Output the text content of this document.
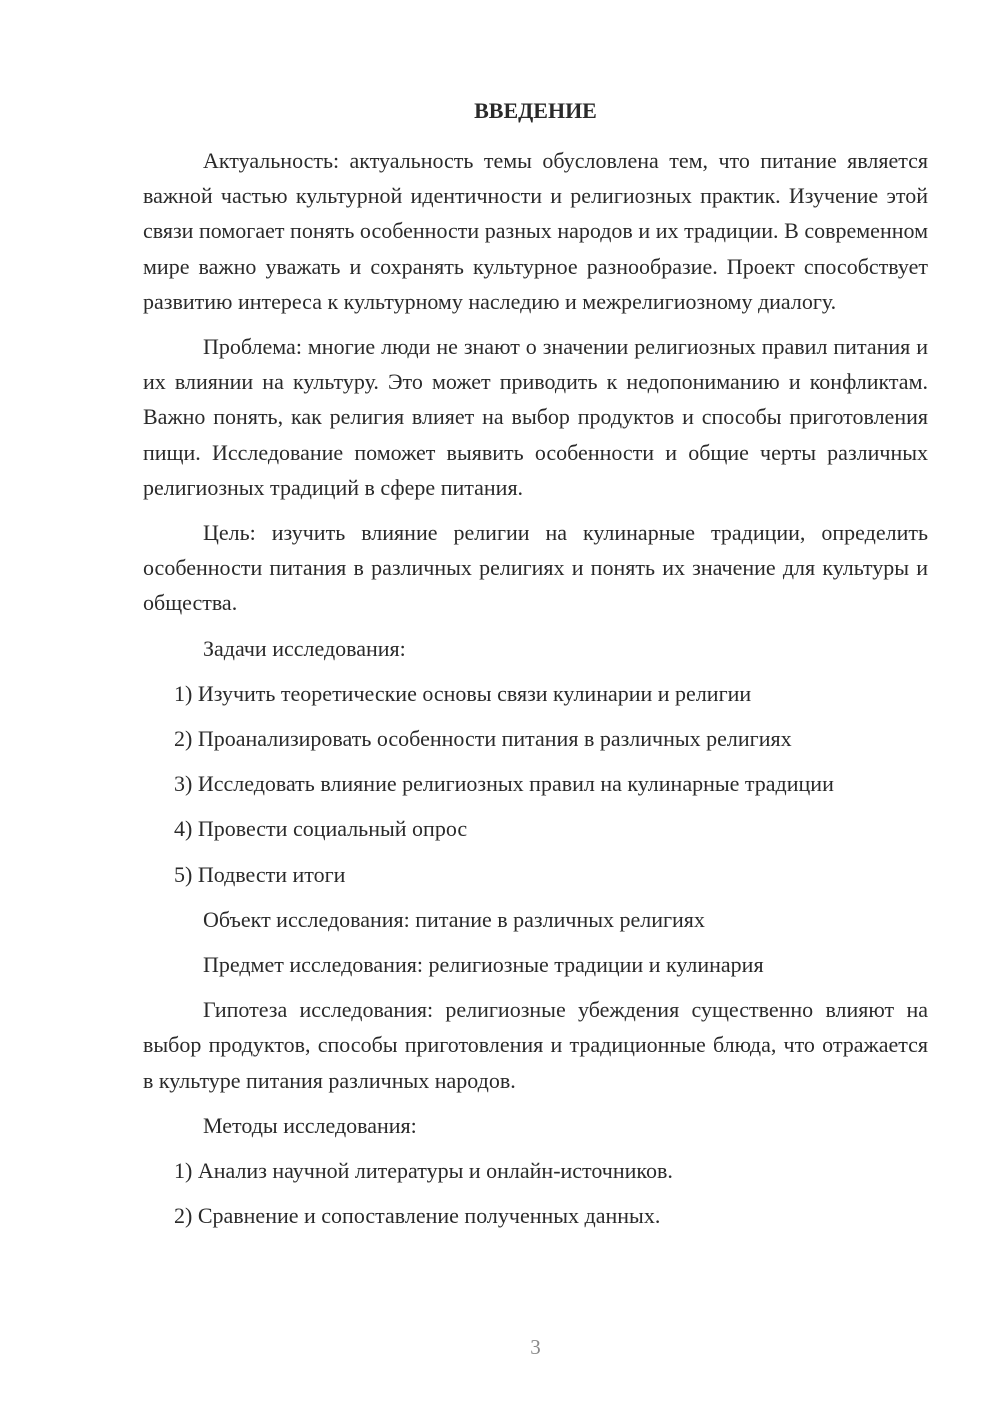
ВВЕДЕНИЕ

Актуальность: актуальность темы обусловлена тем, что питание является важной частью культурной идентичности и религиозных практик. Изучение этой связи помогает понять особенности разных народов и их традиции. В современном мире важно уважать и сохранять культурное разнообразие. Проект способствует развитию интереса к культурному наследию и межрелигиозному диалогу.

Проблема: многие люди не знают о значении религиозных правил питания и их влиянии на культуру. Это может приводить к недопониманию и конфликтам. Важно понять, как религия влияет на выбор продуктов и способы приготовления пищи. Исследование поможет выявить особенности и общие черты различных религиозных традиций в сфере питания.

Цель: изучить влияние религии на кулинарные традиции, определить особенности питания в различных религиях и понять их значение для культуры и общества.

Задачи исследования:

1) Изучить теоретические основы связи кулинарии и религии

2) Проанализировать особенности питания в различных религиях

3) Исследовать влияние религиозных правил на кулинарные традиции

4) Провести социальный опрос

5) Подвести итоги

Объект исследования: питание в различных религиях

Предмет исследования: религиозные традиции и кулинария

Гипотеза исследования: религиозные убеждения существенно влияют на выбор продуктов, способы приготовления и традиционные блюда, что отражается в культуре питания различных народов.

Методы исследования:

1) Анализ научной литературы и онлайн-источников.

2) Сравнение и сопоставление полученных данных.

3
